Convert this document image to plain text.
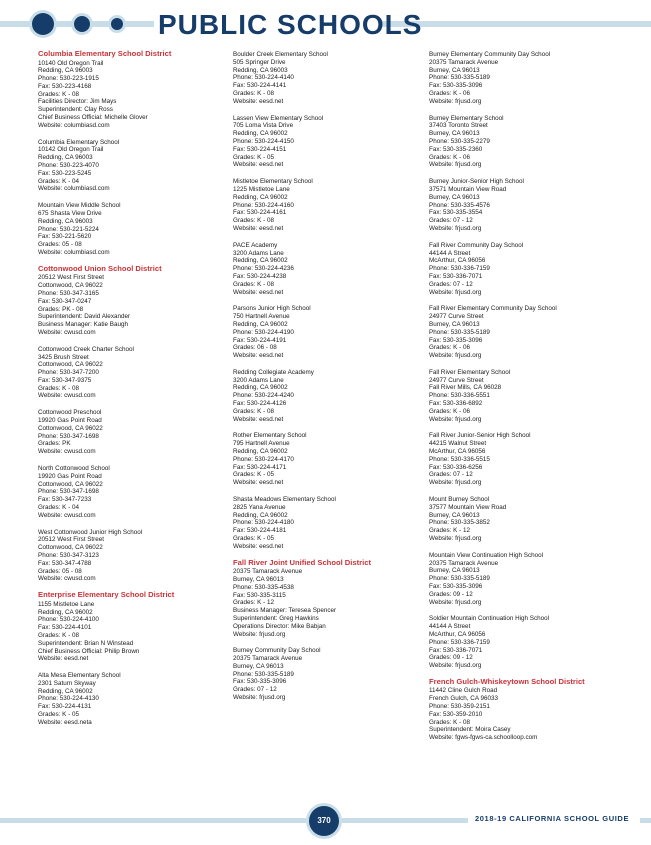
PUBLIC SCHOOLS
Columbia Elementary School District
10140 Old Oregon Trail
Redding, CA 96003
Phone: 530-223-1915
Fax: 530-223-4168
Grades: K - 08
Facilities Director: Jim Mays
Superintendent: Clay Ross
Chief Business Official: Michelle Glover
Website: columbiasd.com
Columbia Elementary School
10142 Old Oregon Trail
Redding, CA 96003
Phone: 530-223-4070
Fax: 530-223-5245
Grades: K - 04
Website: columbiasd.com
Mountain View Middle School
675 Shasta View Drive
Redding, CA 96003
Phone: 530-221-5224
Fax: 530-221-5620
Grades: 05 - 08
Website: columbiasd.com
Cottonwood Union School District
20512 West First Street
Cottonwood, CA 96022
Phone: 530-347-3165
Fax: 530-347-0247
Grades: PK - 08
Superintendent: David Alexander
Business Manager: Katie Baugh
Website: cwusd.com
Cottonwood Creek Charter School
3425 Brush Street
Cottonwood, CA 96022
Phone: 530-347-7200
Fax: 530-347-9375
Grades: K - 08
Website: cwusd.com
Cottonwood Preschool
19920 Gas Point Road
Cottonwood, CA 96022
Phone: 530-347-1698
Grades: PK
Website: cwusd.com
North Cottonwood School
19920 Gas Point Road
Cottonwood, CA 96022
Phone: 530-347-1698
Fax: 530-347-7233
Grades: K - 04
Website: cwusd.com
West Cottonwood Junior High School
20512 West First Street
Cottonwood, CA 96022
Phone: 530-347-3123
Fax: 530-347-4788
Grades: 05 - 08
Website: cwusd.com
Enterprise Elementary School District
1155 Mistletoe Lane
Redding, CA 96002
Phone: 530-224-4100
Fax: 530-224-4101
Grades: K - 08
Superintendent: Brian N Winstead
Chief Business Official: Philip Brown
Website: eesd.net
Alta Mesa Elementary School
2301 Saturn Skyway
Redding, CA 96002
Phone: 530-224-4130
Fax: 530-224-4131
Grades: K - 05
Website: eesd.neta
Boulder Creek Elementary School
505 Springer Drive
Redding, CA 96003
Phone: 530-224-4140
Fax: 530-224-4141
Grades: K - 08
Website: eesd.net
Lassen View Elementary School
705 Loma Vista Drive
Redding, CA 96002
Phone: 530-224-4150
Fax: 530-224-4151
Grades: K - 05
Website: eesd.net
Mistletoe Elementary School
1225 Mistletoe Lane
Redding, CA 96002
Phone: 530-224-4160
Fax: 530-224-4161
Grades: K - 08
Website: eesd.net
PACE Academy
3200 Adams Lane
Redding, CA 96002
Phone: 530-224-4236
Fax: 530-224-4238
Grades: K - 08
Website: eesd.net
Parsons Junior High School
750 Hartnell Avenue
Redding, CA 96002
Phone: 530-224-4190
Fax: 530-224-4191
Grades: 06 - 08
Website: eesd.net
Redding Collegiate Academy
3200 Adams Lane
Redding, CA 96002
Phone: 530-224-4240
Fax: 530-224-4126
Grades: K - 08
Website: eesd.net
Rother Elementary School
795 Hartnell Avenue
Redding, CA 96002
Phone: 530-224-4170
Fax: 530-224-4171
Grades: K - 05
Website: eesd.net
Shasta Meadows Elementary School
2825 Yana Avenue
Redding, CA 96002
Phone: 530-224-4180
Fax: 530-224-4181
Grades: K - 05
Website: eesd.net
Fall River Joint Unified School District
20375 Tamarack Avenue
Burney, CA 96013
Phone: 530-335-4538
Fax: 530-335-3115
Grades: K - 12
Business Manager: Teresea Spencer
Superintendent: Greg Hawkins
Operations Director: Mike Babjan
Website: frjusd.org
Burney Community Day School
20375 Tamarack Avenue
Burney, CA 96013
Phone: 530-335-5189
Fax: 530-335-3096
Grades: 07 - 12
Website: frjusd.org
Burney Elementary Community Day School
20375 Tamarack Avenue
Burney, CA 96013
Phone: 530-335-5189
Fax: 530-335-3096
Grades: K - 06
Website: frjusd.org
Burney Elementary School
37403 Toronto Street
Burney, CA 96013
Phone: 530-335-2279
Fax: 530-335-2360
Grades: K - 06
Website: frjusd.org
Burney Junior-Senior High School
37571 Mountain View Road
Burney, CA 96013
Phone: 530-335-4576
Fax: 530-335-3554
Grades: 07 - 12
Website: frjusd.org
Fall River Community Day School
44144 A Street
McArthur, CA 96056
Phone: 530-336-7159
Fax: 530-336-7071
Grades: 07 - 12
Website: frjusd.org
Fall River Elementary Community Day School
24977 Curve Street
Burney, CA 96013
Phone: 530-335-5189
Fax: 530-335-3096
Grades: K - 06
Website: frjusd.org
Fall River Elementary School
24977 Curve Street
Fall River Mills, CA 96028
Phone: 530-336-5551
Fax: 530-336-6892
Grades: K - 06
Website: frjusd.org
Fall River Junior-Senior High School
44215 Walnut Street
McArthur, CA 96056
Phone: 530-336-5515
Fax: 530-336-6256
Grades: 07 - 12
Website: frjusd.org
Mount Burney School
37577 Mountain View Road
Burney, CA 96013
Phone: 530-335-3852
Grades: K - 12
Website: frjusd.org
Mountain View Continuation High School
20375 Tamarack Avenue
Burney, CA 96013
Phone: 530-335-5189
Fax: 530-335-3096
Grades: 09 - 12
Website: frjusd.org
Soldier Mountain Continuation High School
44144 A Street
McArthur, CA 96056
Phone: 530-336-7159
Fax: 530-336-7071
Grades: 09 - 12
Website: frjusd.org
French Gulch-Whiskeytown School District
11442 Cline Gulch Road
French Gulch, CA 96033
Phone: 530-359-2151
Fax: 530-359-2010
Grades: K - 08
Superintendent: Moira Casey
Website: fgws-fgws-ca.schoolloop.com
370	2018-19 CALIFORNIA SCHOOL GUIDE
